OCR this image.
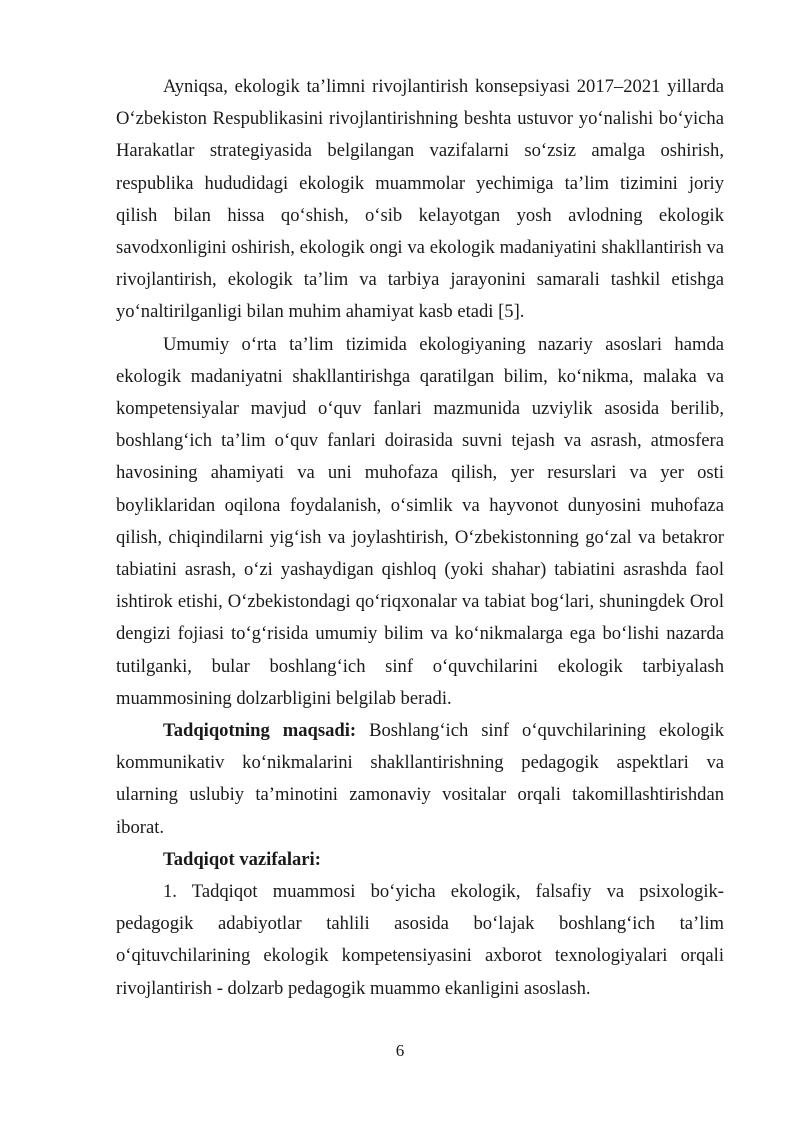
Ayniqsa, ekologik ta’limni rivojlantirish konsepsiyasi 2017–2021 yillarda O‘zbekiston Respublikasini rivojlantirishning beshta ustuvor yo‘nalishi bo‘yicha Harakatlar strategiyasida belgilangan vazifalarni so‘zsiz amalga oshirish, respublika hududidagi ekologik muammolar yechimiga ta’lim tizimini joriy qilish bilan hissa qo‘shish, o‘sib kelayotgan yosh avlodning ekologik savodxonligini oshirish, ekologik ongi va ekologik madaniyatini shakllantirish va rivojlantirish, ekologik ta’lim va tarbiya jarayonini samarali tashkil etishga yo‘naltirilganligi bilan muhim ahamiyat kasb etadi [5].

Umumiy o‘rta ta’lim tizimida ekologiyaning nazariy asoslari hamda ekologik madaniyatni shakllantirishga qaratilgan bilim, ko‘nikma, malaka va kompetensiyalar mavjud o‘quv fanlari mazmunida uzviylik asosida berilib, boshlang‘ich ta’lim o‘quv fanlari doirasida suvni tejash va asrash, atmosfera havosining ahamiyati va uni muhofaza qilish, yer resurslari va yer osti boyliklaridan oqilona foydalanish, o‘simlik va hayvonot dunyosini muhofaza qilish, chiqindilarni yig‘ish va joylashtirish, O‘zbekistonning go‘zal va betakror tabiatini asrash, o‘zi yashaydigan qishloq (yoki shahar) tabiatini asrashda faol ishtirok etishi, O‘zbekistondagi qo‘riqxonalar va tabiat bog‘lari, shuningdek Orol dengizi fojiasi to‘g‘risida umumiy bilim va ko‘nikmalarga ega bo‘lishi nazarda tutilganki, bular boshlang‘ich sinf o‘quvchilarini ekologik tarbiyalash muammosining dolzarbligini belgilab beradi.

Tadqiqotning maqsadi: Boshlang‘ich sinf o‘quvchilarining ekologik kommunikativ ko‘nikmalarini shakllantirishning pedagogik aspektlari va ularning uslubiy ta’minotini zamonaviy vositalar orqali takomillashtirishdan iborat.

Tadqiqot vazifalari:

1. Tadqiqot muammosi bo‘yicha ekologik, falsafiy va psixologik-pedagogik adabiyotlar tahlili asosida bo‘lajak boshlang‘ich ta’lim o‘qituvchilarining ekologik kompetensiyasini axborot texnologiyalari orqali rivojlantirish - dolzarb pedagogik muammo ekanligini asoslash.

6
